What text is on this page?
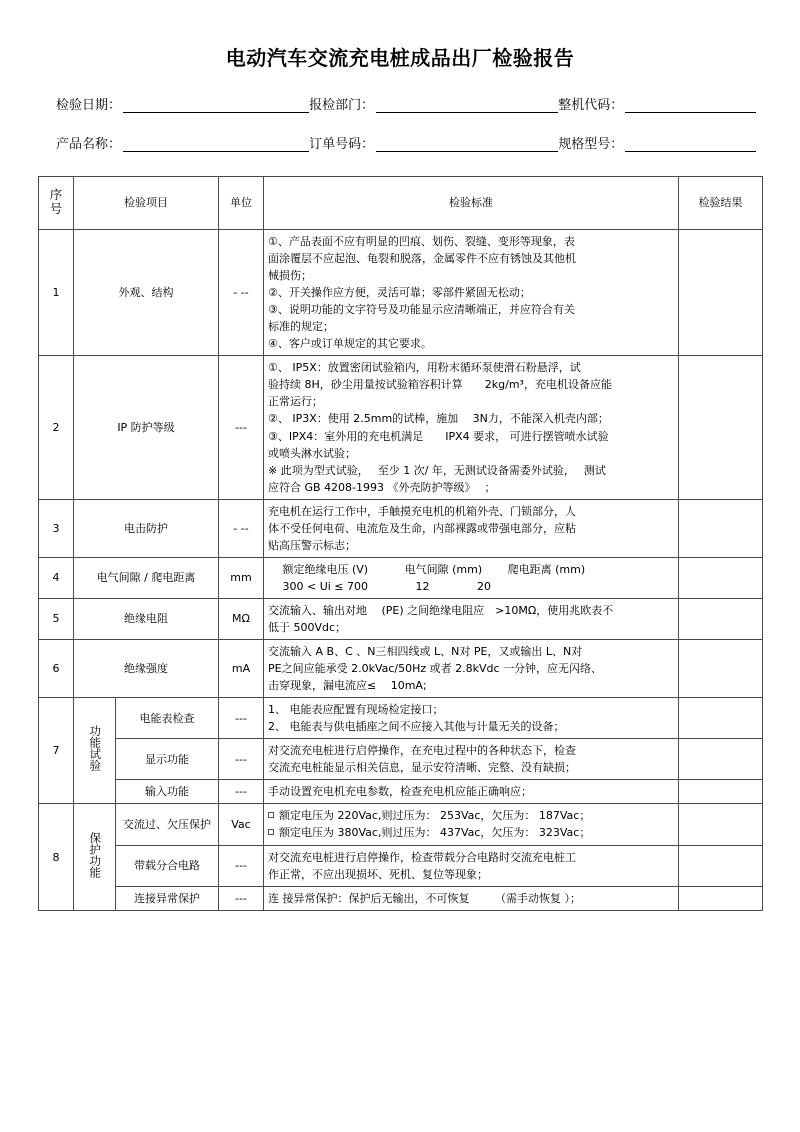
电动汽车交流充电桩成品出厂检验报告
检验日期：	报检部门：	整机代码：
产品名称：	订单号码：	规格型号：
序
号	检验项目		单位	检验标准	检验结果
1	外观、结构	- --	
①、产品表面不应有明显的凹痕、划伤、裂缝、变形等现象，表
面涂覆层不应起泡、龟裂和脱落，金属零件不应有锈蚀及其他机
械损伤；
②、开关操作应方便，灵活可靠；零部件紧固无松动；
③、说明功能的文字符号及功能显示应清晰端正，并应符合有关
标准的规定；
④、客户或订单规定的其它要求。

2	IP 防护等级	---	
①、 IP5X：放置密闭试验箱内，用粉末循环泵使滑石粉悬浮，试
验持续 8H，砂尘用量按试验箱容积计算　　2kg/m³，充电机设备应能
正常运行；
②、 IP3X：使用 2.5mm的试棒，施加　 3N力，不能深入机壳内部；
③、IPX4：室外用的充电机满足　　IPX4 要求， 可进行摆管喷水试验
或喷头淋水试验；
※ 此项为型式试验，　 至少 1 次/ 年，无测试设备需委外试验，　 测试
应符合 GB 4208-1993 《外壳防护等级》　 ；

3	电击防护		- --	充电机在运行工作中，手触摸充电机的机箱外壳、门锁部分，人
体不受任何电荷、电流危及生命，内部裸露或带强电部分，应粘
贴高压警示标志；	

4	电气间隙 / 爬电距离		mm	　 额定绝缘电压 (V)　　　 电气间隙 (mm)　　 爬电距离 (mm)
　 300 < Ui ≤ 700　　　　 12　　　　 20	

5	绝缘电阻		MΩ	交流输入、输出对地　 (PE) 之间绝缘电阻应　>10MΩ，使用兆欧表不
低于 500Vdc；	

6	绝缘强度		mA	交流输入 A B、C 、N三相四线或 L、N对 PE，又或输出 L、N对
PE之间应能承受 2.0kVac/50Hz 或者 2.8kVdc 一分钟，应无闪络、
击穿现象，漏电流应≤　 10mA;	

7	功能试验	电能表检查	---	1、 电能表应配置有现场检定接口；
2、 电能表与供电插座之间不应接入其他与计量无关的设备；	

		显示功能	---	对交流充电桩进行启停操作，在充电过程中的各种状态下，检查
交流充电桩能显示相关信息，显示安符清晰、完整、没有缺损；	

		输入功能	---	手动设置充电机充电参数，检查充电机应能正确响应；	

8	保护功能	交流过、欠压保护	Vac	额定电压为 220Vac,则过压为： 253Vac，欠压为： 187Vac；
额定电压为 380Vac,则过压为： 437Vac，欠压为： 323Vac；	

		带载分合电路	---	对交流充电桩进行启停操作，检查带载分合电路时交流充电桩工
作正常，不应出现损坏、死机、复位等现象；	

		连接异常保护	---	连 接异常保护：保护后无输出，不可恢复　　 （需手动恢复 ）；	
